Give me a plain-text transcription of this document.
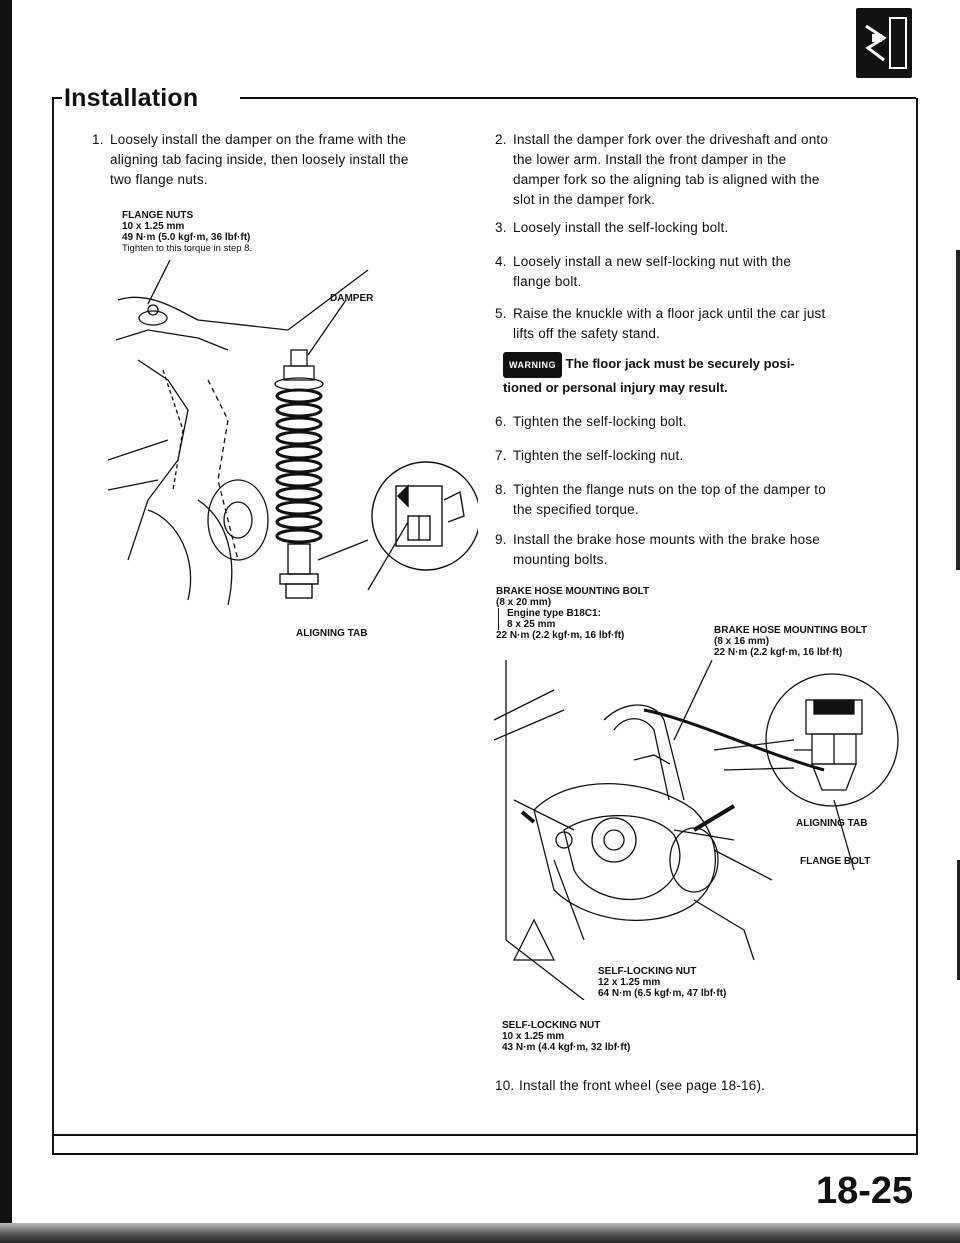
Installation
1. Loosely install the damper on the frame with the
aligning tab facing inside, then loosely install the
two flange nuts.
FLANGE NUTS
10 x 1.25 mm
49 N·m (5.0 kgf·m, 36 lbf·ft)
Tighten to this torque in step 8.
DAMPER
ALIGNING TAB
2. Install the damper fork over the driveshaft and onto
the lower arm. Install the front damper in the
damper fork so the aligning tab is aligned with the
slot in the damper fork.
3. Loosely install the self-locking bolt.
4. Loosely install a new self-locking nut with the
flange bolt.
5. Raise the knuckle with a floor jack until the car just
lifts off the safety stand.
WARNING The floor jack must be securely posi-
tioned or personal injury may result.
6. Tighten the self-locking bolt.
7. Tighten the self-locking nut.
8. Tighten the flange nuts on the top of the damper to
the specified torque.
9. Install the brake hose mounts with the brake hose
mounting bolts.
BRAKE HOSE MOUNTING BOLT
(8 x 20 mm)
Engine type B18C1:
8 x 25 mm
22 N·m (2.2 kgf·m, 16 lbf·ft)	BRAKE HOSE MOUNTING BOLT
(8 x 16 mm)
22 N·m (2.2 kgf·m, 16 lbf·ft)
ALIGNING TAB
FLANGE BOLT
SELF-LOCKING NUT
12 x 1.25 mm
64 N·m (6.5 kgf·m, 47 lbf·ft)
SELF-LOCKING NUT
10 x 1.25 mm
43 N·m (4.4 kgf·m, 32 lbf·ft)
10. Install the front wheel (see page 18-16).
18-25
